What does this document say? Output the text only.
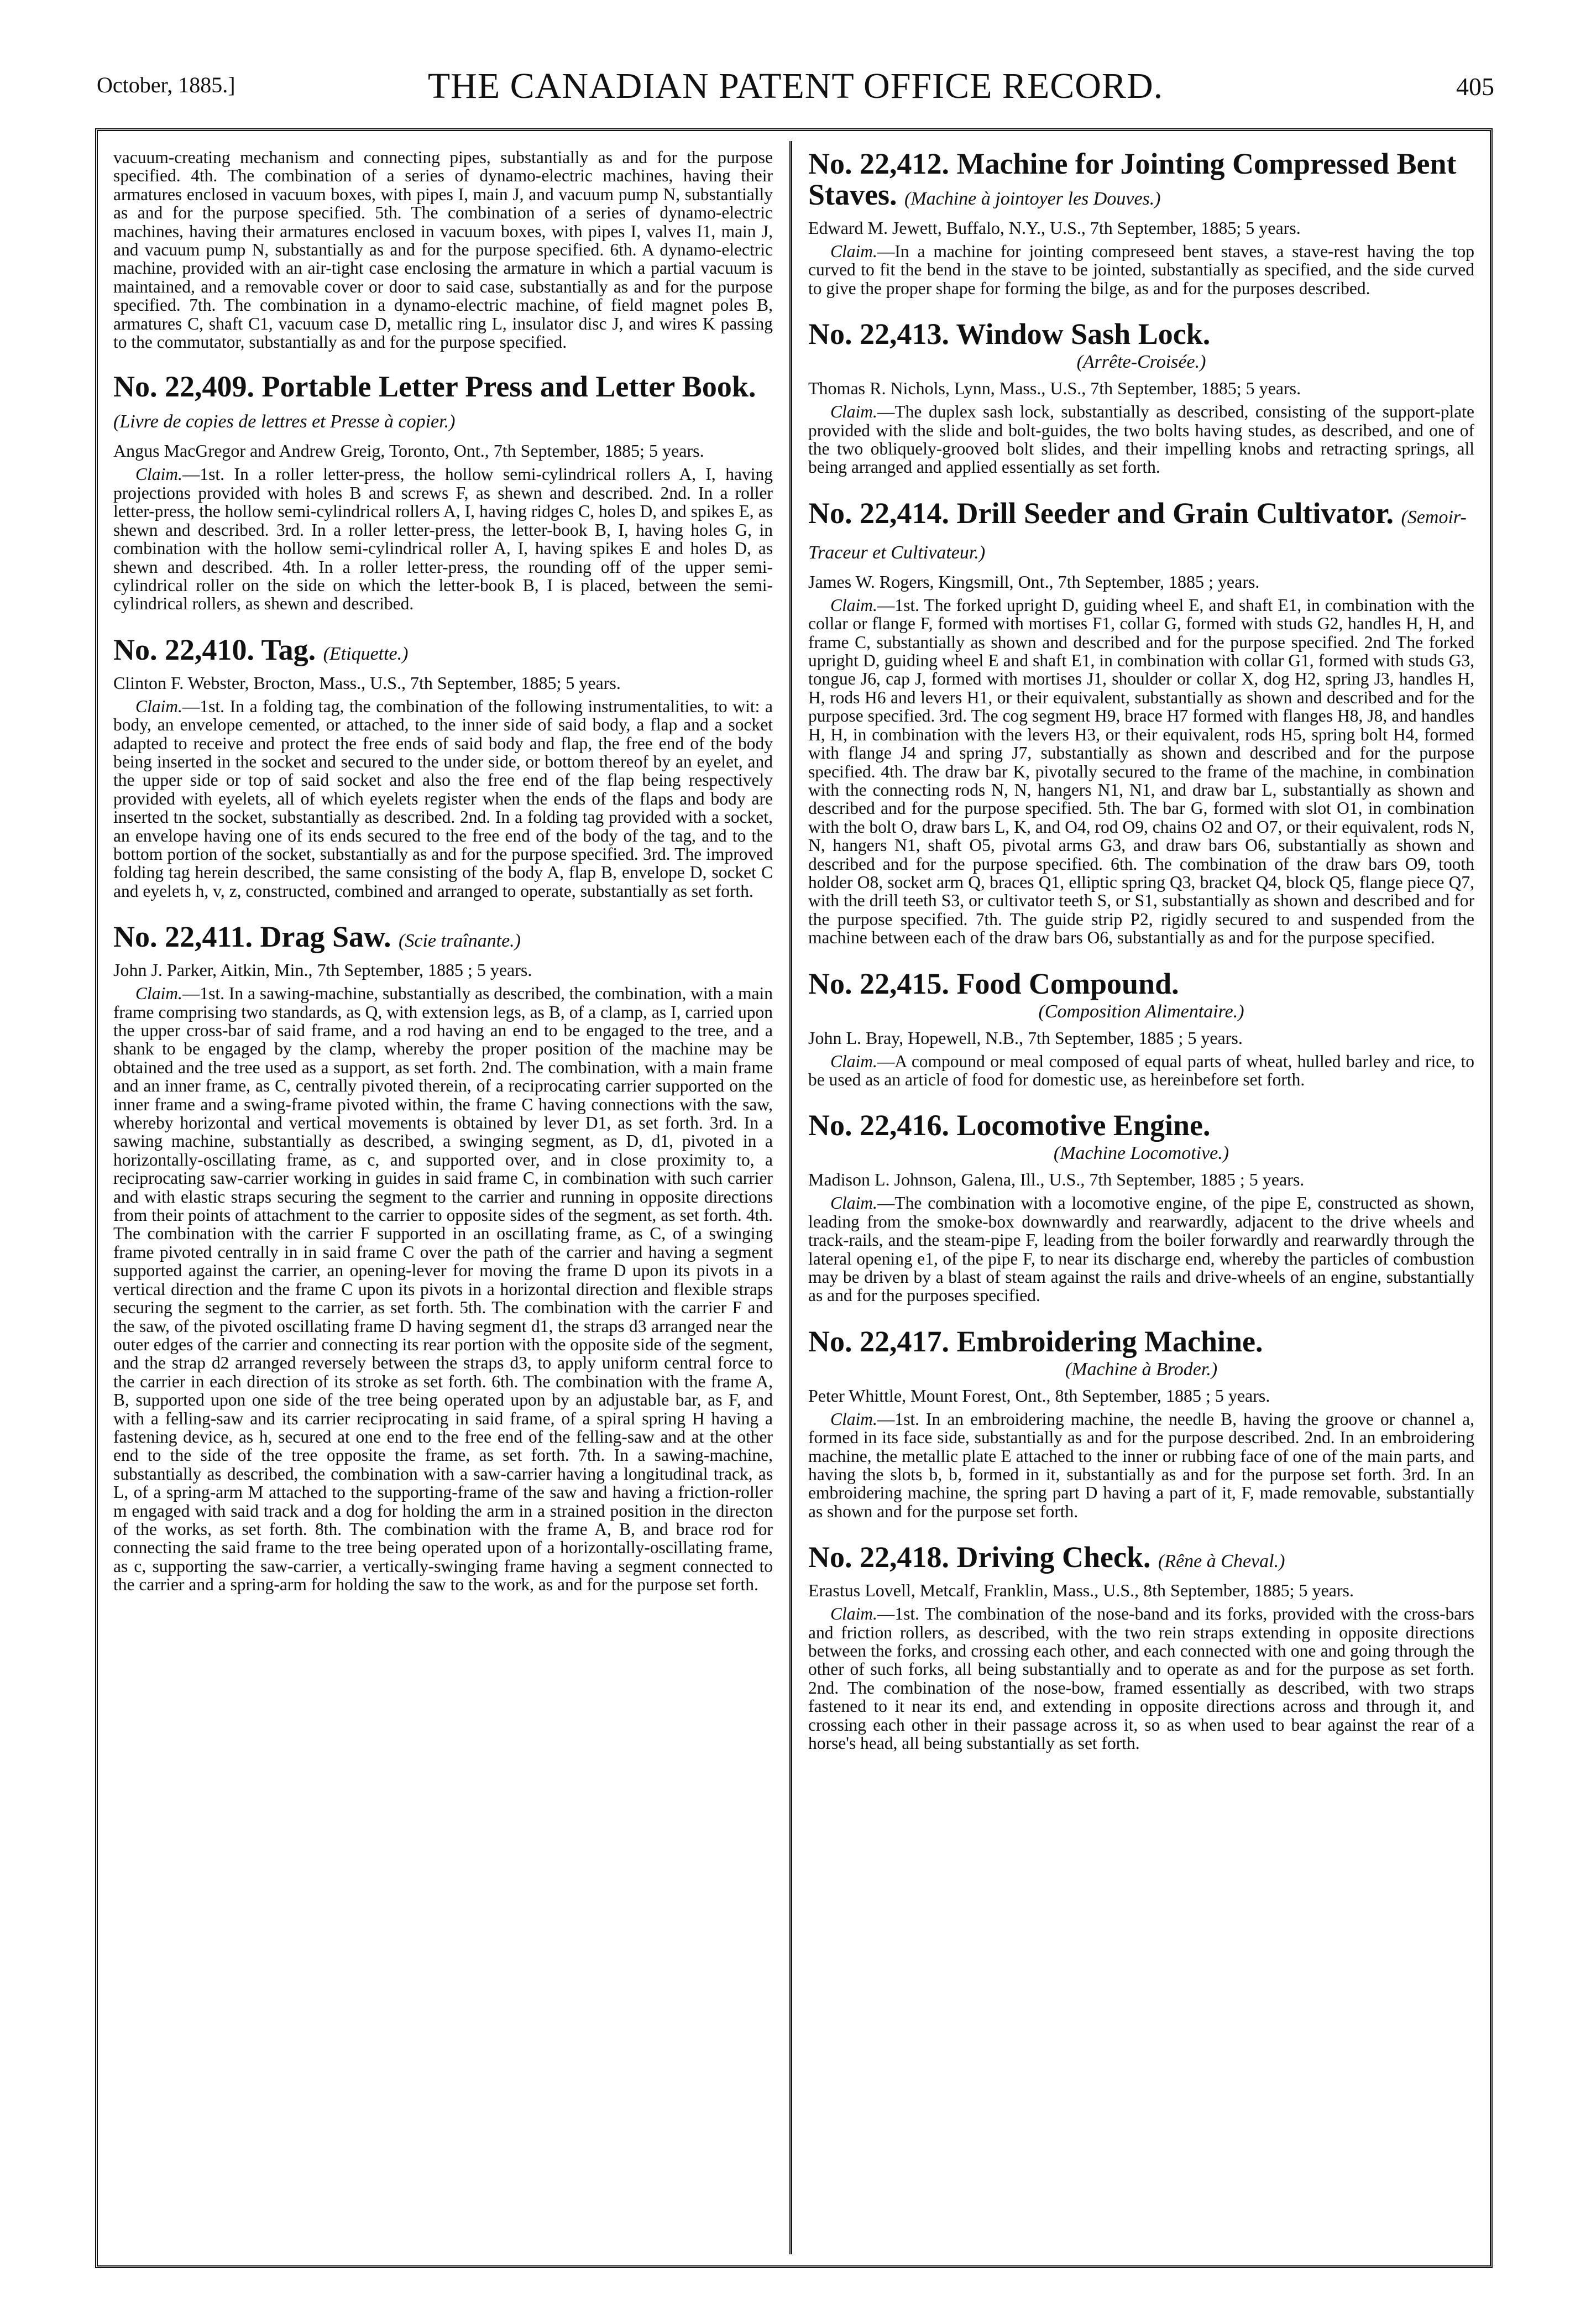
October, 1885.]	THE CANADIAN PATENT OFFICE RECORD.	405

vacuum-creating mechanism and connecting pipes, substantially as and for the purpose specified. 4th. The combination of a series of dynamo-electric machines, having their armatures enclosed in vacuum boxes, with pipes I, main J, and vacuum pump N, substantially as and for the purpose specified. 5th. The combination of a series of dynamo-electric machines, having their armatures enclosed in vacuum boxes, with pipes I, valves I1, main J, and vacuum pump N, substantially as and for the purpose specified. 6th. A dynamo-electric machine, provided with an air-tight case enclosing the armature in which a partial vacuum is maintained, and a removable cover or door to said case, substantially as and for the purpose specified. 7th. The combination in a dynamo-electric machine, of field magnet poles B, armatures C, shaft C1, vacuum case D, metallic ring L, insulator disc J, and wires K passing to the commutator, substantially as and for the purpose specified.

No. 22,409. Portable Letter Press and Letter Book. (Livre de copies de lettres et Presse à copier.)

Angus MacGregor and Andrew Greig, Toronto, Ont., 7th September, 1885; 5 years.

Claim.—1st. In a roller letter-press, the hollow semi-cylindrical rollers A, I, having projections provided with holes B and screws F, as shewn and described. 2nd. In a roller letter-press, the hollow semi-cylindrical rollers A, I, having ridges C, holes D, and spikes E, as shewn and described. 3rd. In a roller letter-press, the letter-book B, I, having holes G, in combination with the hollow semi-cylindrical roller A, I, having spikes E and holes D, as shewn and described. 4th. In a roller letter-press, the rounding off of the upper semi-cylindrical roller on the side on which the letter-book B, I is placed, between the semi-cylindrical rollers, as shewn and described.

No. 22,410. Tag. (Etiquette.)

Clinton F. Webster, Brocton, Mass., U.S., 7th September, 1885; 5 years.

Claim.—1st. In a folding tag, the combination of the following instrumentalities, to wit: a body, an envelope cemented, or attached, to the inner side of said body, a flap and a socket adapted to receive and protect the free ends of said body and flap, the free end of the body being inserted in the socket and secured to the under side, or bottom thereof by an eyelet, and the upper side or top of said socket and also the free end of the flap being respectively provided with eyelets, all of which eyelets register when the ends of the flaps and body are inserted tn the socket, substantially as described. 2nd. In a folding tag provided with a socket, an envelope having one of its ends secured to the free end of the body of the tag, and to the bottom portion of the socket, substantially as and for the purpose specified. 3rd. The improved folding tag herein described, the same consisting of the body A, flap B, envelope D, socket C and eyelets h, v, z, constructed, combined and arranged to operate, substantially as set forth.

No. 22,411. Drag Saw. (Scie traînante.)

John J. Parker, Aitkin, Min., 7th September, 1885 ; 5 years.

Claim.—1st. In a sawing-machine, substantially as described, the combination, with a main frame comprising two standards, as Q, with extension legs, as B, of a clamp, as I, carried upon the upper cross-bar of said frame, and a rod having an end to be engaged to the tree, and a shank to be engaged by the clamp, whereby the proper position of the machine may be obtained and the tree used as a support, as set forth. 2nd. The combination, with a main frame and an inner frame, as C, centrally pivoted therein, of a reciprocating carrier supported on the inner frame and a swing-frame pivoted within, the frame C having connections with the saw, whereby horizontal and vertical movements is obtained by lever D1, as set forth. 3rd. In a sawing machine, substantially as described, a swinging segment, as D, d1, pivoted in a horizontally-oscillating frame, as c, and supported over, and in close proximity to, a reciprocating saw-carrier working in guides in said frame C, in combination with such carrier and with elastic straps securing the segment to the carrier and running in opposite directions from their points of attachment to the carrier to opposite sides of the segment, as set forth. 4th. The combination with the carrier F supported in an oscillating frame, as C, of a swinging frame pivoted centrally in in said frame C over the path of the carrier and having a segment supported against the carrier, an opening-lever for moving the frame D upon its pivots in a vertical direction and the frame C upon its pivots in a horizontal direction and flexible straps securing the segment to the carrier, as set forth. 5th. The combination with the carrier F and the saw, of the pivoted oscillating frame D having segment d1, the straps d3 arranged near the outer edges of the carrier and connecting its rear portion with the opposite side of the segment, and the strap d2 arranged reversely between the straps d3, to apply uniform central force to the carrier in each direction of its stroke as set forth. 6th. The combination with the frame A, B, supported upon one side of the tree being operated upon by an adjustable bar, as F, and with a felling-saw and its carrier reciprocating in said frame, of a spiral spring H having a fastening device, as h, secured at one end to the free end of the felling-saw and at the other end to the side of the tree opposite the frame, as set forth. 7th. In a sawing-machine, substantially as described, the combination with a saw-carrier having a longitudinal track, as L, of a spring-arm M attached to the supporting-frame of the saw and having a friction-roller m engaged with said track and a dog for holding the arm in a strained position in the directon of the works, as set forth. 8th. The combination with the frame A, B, and brace rod for connecting the said frame to the tree being operated upon of a horizontally-oscillating frame, as c, supporting the saw-carrier, a vertically-swinging frame having a segment connected to the carrier and a spring-arm for holding the saw to the work, as and for the purpose set forth.

No. 22,412. Machine for Jointing Compressed Bent Staves. (Machine à jointoyer les Douves.)

Edward M. Jewett, Buffalo, N.Y., U.S., 7th September, 1885; 5 years.

Claim.—In a machine for jointing compreseed bent staves, a stave-rest having the top curved to fit the bend in the stave to be jointed, substantially as specified, and the side curved to give the proper shape for forming the bilge, as and for the purposes described.

No. 22,413. Window Sash Lock.

(Arrête-Croisée.)

Thomas R. Nichols, Lynn, Mass., U.S., 7th September, 1885; 5 years.

Claim.—The duplex sash lock, substantially as described, consisting of the support-plate provided with the slide and bolt-guides, the two bolts having studes, as described, and one of the two obliquely-grooved bolt slides, and their impelling knobs and retracting springs, all being arranged and applied essentially as set forth.

No. 22,414. Drill Seeder and Grain Cultivator. (Semoir-Traceur et Cultivateur.)

James W. Rogers, Kingsmill, Ont., 7th September, 1885 ; years.

Claim.—1st. The forked upright D, guiding wheel E, and shaft E1, in combination with the collar or flange F, formed with mortises F1, collar G, formed with studs G2, handles H, H, and frame C, substantially as shown and described and for the purpose specified. 2nd The forked upright D, guiding wheel E and shaft E1, in combination with collar G1, formed with studs G3, tongue J6, cap J, formed with mortises J1, shoulder or collar X, dog H2, spring J3, handles H, H, rods H6 and levers H1, or their equivalent, substantially as shown and described and for the purpose specified. 3rd. The cog segment H9, brace H7 formed with flanges H8, J8, and handles H, H, in combination with the levers H3, or their equivalent, rods H5, spring bolt H4, formed with flange J4 and spring J7, substantially as shown and described and for the purpose specified. 4th. The draw bar K, pivotally secured to the frame of the machine, in combination with the connecting rods N, N, hangers N1, N1, and draw bar L, substantially as shown and described and for the purpose specified. 5th. The bar G, formed with slot O1, in combination with the bolt O, draw bars L, K, and O4, rod O9, chains O2 and O7, or their equivalent, rods N, N, hangers N1, shaft O5, pivotal arms G3, and draw bars O6, substantially as shown and described and for the purpose specified. 6th. The combination of the draw bars O9, tooth holder O8, socket arm Q, braces Q1, elliptic spring Q3, bracket Q4, block Q5, flange piece Q7, with the drill teeth S3, or cultivator teeth S, or S1, substantially as shown and described and for the purpose specified. 7th. The guide strip P2, rigidly secured to and suspended from the machine between each of the draw bars O6, substantially as and for the purpose specified.

No. 22,415. Food Compound.

(Composition Alimentaire.)

John L. Bray, Hopewell, N.B., 7th September, 1885 ; 5 years.

Claim.—A compound or meal composed of equal parts of wheat, hulled barley and rice, to be used as an article of food for domestic use, as hereinbefore set forth.

No. 22,416. Locomotive Engine.

(Machine Locomotive.)

Madison L. Johnson, Galena, Ill., U.S., 7th September, 1885 ; 5 years.

Claim.—The combination with a locomotive engine, of the pipe E, constructed as shown, leading from the smoke-box downwardly and rearwardly, adjacent to the drive wheels and track-rails, and the steam-pipe F, leading from the boiler forwardly and rearwardly through the lateral opening e1, of the pipe F, to near its discharge end, whereby the particles of combustion may be driven by a blast of steam against the rails and drive-wheels of an engine, substantially as and for the purposes specified.

No. 22,417. Embroidering Machine.

(Machine à Broder.)

Peter Whittle, Mount Forest, Ont., 8th September, 1885 ; 5 years.

Claim.—1st. In an embroidering machine, the needle B, having the groove or channel a, formed in its face side, substantially as and for the purpose described. 2nd. In an embroidering machine, the metallic plate E attached to the inner or rubbing face of one of the main parts, and having the slots b, b, formed in it, substantially as and for the purpose set forth. 3rd. In an embroidering machine, the spring part D having a part of it, F, made removable, substantially as shown and for the purpose set forth.

No. 22,418. Driving Check. (Rêne à Cheval.)

Erastus Lovell, Metcalf, Franklin, Mass., U.S., 8th September, 1885; 5 years.

Claim.—1st. The combination of the nose-band and its forks, provided with the cross-bars and friction rollers, as described, with the two rein straps extending in opposite directions between the forks, and crossing each other, and each connected with one and going through the other of such forks, all being substantially and to operate as and for the purpose as set forth. 2nd. The combination of the nose-bow, framed essentially as described, with two straps fastened to it near its end, and extending in opposite directions across and through it, and crossing each other in their passage across it, so as when used to bear against the rear of a horse's head, all being substantially as set forth.
